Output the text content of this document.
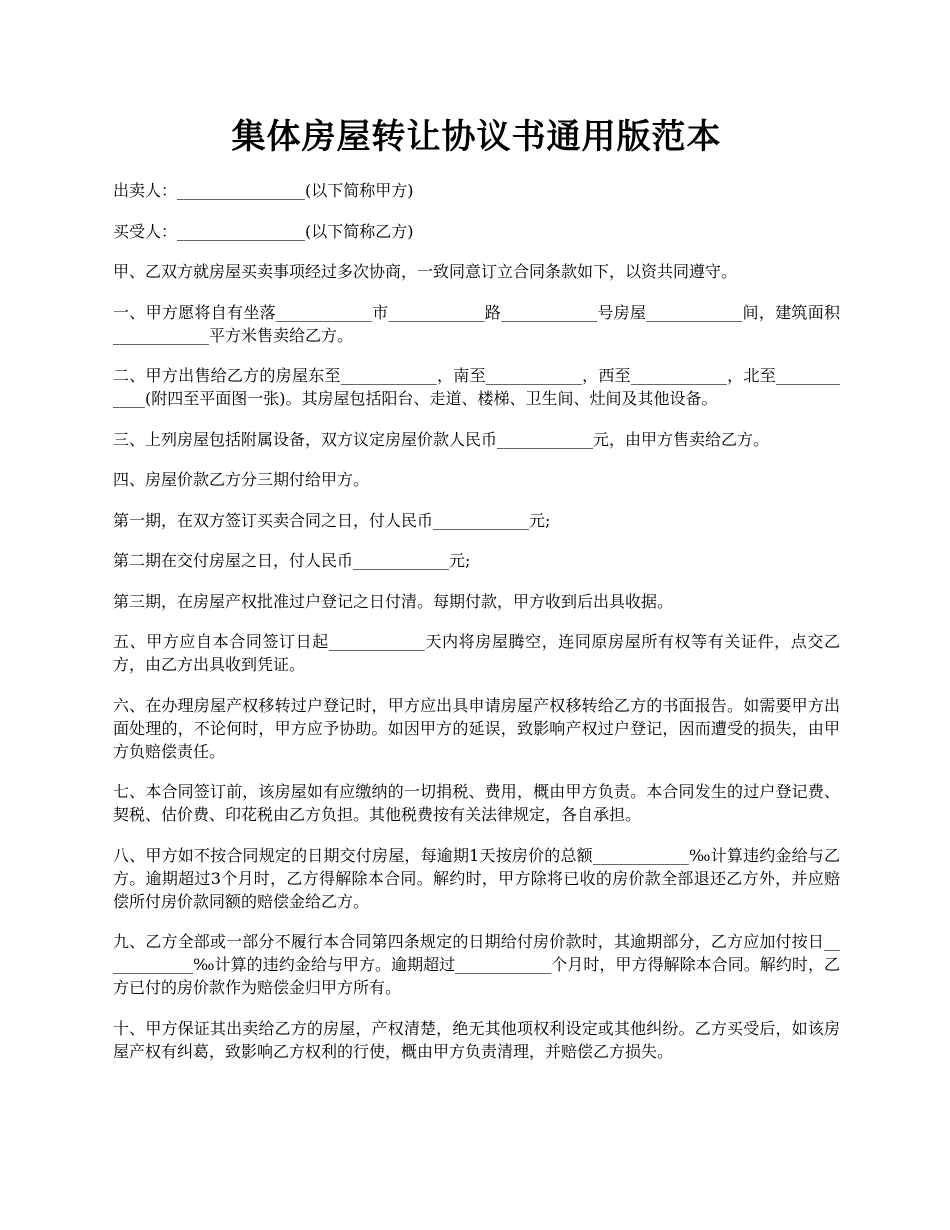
集体房屋转让协议书通用版范本

出卖人：________________(以下简称甲方)

买受人：________________(以下简称乙方)

甲、乙双方就房屋买卖事项经过多次协商，一致同意订立合同条款如下，以资共同遵守。

一、甲方愿将自有坐落____________市____________路____________号房屋____________间，建筑面积____________平方米售卖给乙方。

二、甲方出售给乙方的房屋东至____________，南至____________，西至____________，北至____________(附四至平面图一张)。其房屋包括阳台、走道、楼梯、卫生间、灶间及其他设备。

三、上列房屋包括附属设备，双方议定房屋价款人民币____________元，由甲方售卖给乙方。

四、房屋价款乙方分三期付给甲方。

第一期，在双方签订买卖合同之日，付人民币____________元;

第二期在交付房屋之日，付人民币____________元;

第三期，在房屋产权批准过户登记之日付清。每期付款，甲方收到后出具收据。

五、甲方应自本合同签订日起____________天内将房屋腾空，连同原房屋所有权等有关证件，点交乙方，由乙方出具收到凭证。

六、在办理房屋产权移转过户登记时，甲方应出具申请房屋产权移转给乙方的书面报告。如需要甲方出面处理的，不论何时，甲方应予协助。如因甲方的延误，致影响产权过户登记，因而遭受的损失，由甲方负赔偿责任。

七、本合同签订前，该房屋如有应缴纳的一切捐税、费用，概由甲方负责。本合同发生的过户登记费、契税、估价费、印花税由乙方负担。其他税费按有关法律规定，各自承担。

八、甲方如不按合同规定的日期交付房屋，每逾期1天按房价的总额____________‰计算违约金给与乙方。逾期超过3个月时，乙方得解除本合同。解约时，甲方除将已收的房价款全部退还乙方外，并应赔偿所付房价款同额的赔偿金给乙方。

九、乙方全部或一部分不履行本合同第四条规定的日期给付房价款时，其逾期部分，乙方应加付按日____________‰计算的违约金给与甲方。逾期超过____________个月时，甲方得解除本合同。解约时，乙方已付的房价款作为赔偿金归甲方所有。

十、甲方保证其出卖给乙方的房屋，产权清楚，绝无其他项权利设定或其他纠纷。乙方买受后，如该房屋产权有纠葛，致影响乙方权利的行使，概由甲方负责清理，并赔偿乙方损失。
